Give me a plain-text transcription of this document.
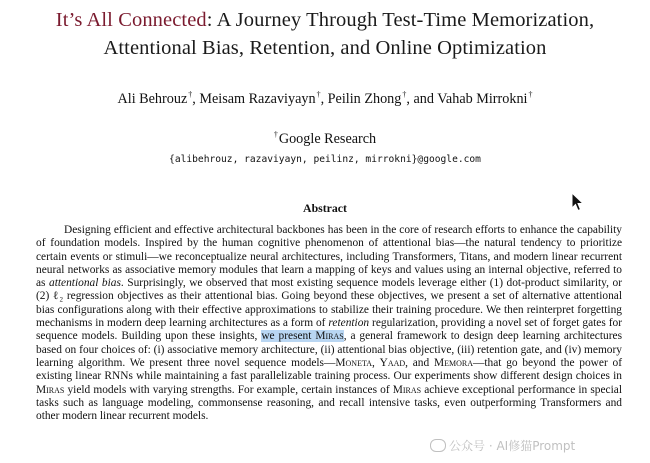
It’s All Connected: A Journey Through Test-Time Memorization,
Attentional Bias, Retention, and Online Optimization
Ali Behrouz†, Meisam Razaviyayn†, Peilin Zhong†, and Vahab Mirrokni†
†Google Research
{alibehrouz, razaviyayn, peilinz, mirrokni}@google.com
Abstract

Designing efficient and effective architectural backbones has been in the core of research efforts to enhance the capability of foundation models. Inspired by the human cognitive phenomenon of attentional bias—the natural tendency to prioritize certain events or stimuli—we reconceptualize neural architectures, including Transformers, Titans, and modern linear recurrent neural networks as associative memory modules that learn a mapping of keys and values using an internal objective, referred to as attentional bias. Surprisingly, we observed that most existing sequence models leverage either (1) dot-product similarity, or (2) ℓ₂ regression objectives as their attentional bias. Going beyond these objectives, we present a set of alternative attentional bias configurations along with their effective approximations to stabilize their training procedure. We then reinterpret forgetting mechanisms in modern deep learning architectures as a form of retention regularization, providing a novel set of forget gates for sequence models. Building upon these insights, we present Miras, a general framework to design deep learning architectures based on four choices of: (i) associative memory architecture, (ii) attentional bias objective, (iii) retention gate, and (iv) memory learning algorithm. We present three novel sequence models—Moneta, Yaad, and Memora—that go beyond the power of existing linear RNNs while maintaining a fast parallelizable training process. Our experiments show different design choices in Miras yield models with varying strengths. For example, certain instances of Miras achieve exceptional performance in special tasks such as language modeling, commonsense reasoning, and recall intensive tasks, even outperforming Transformers and other modern linear recurrent models.

公众号 · AI修猫Prompt
